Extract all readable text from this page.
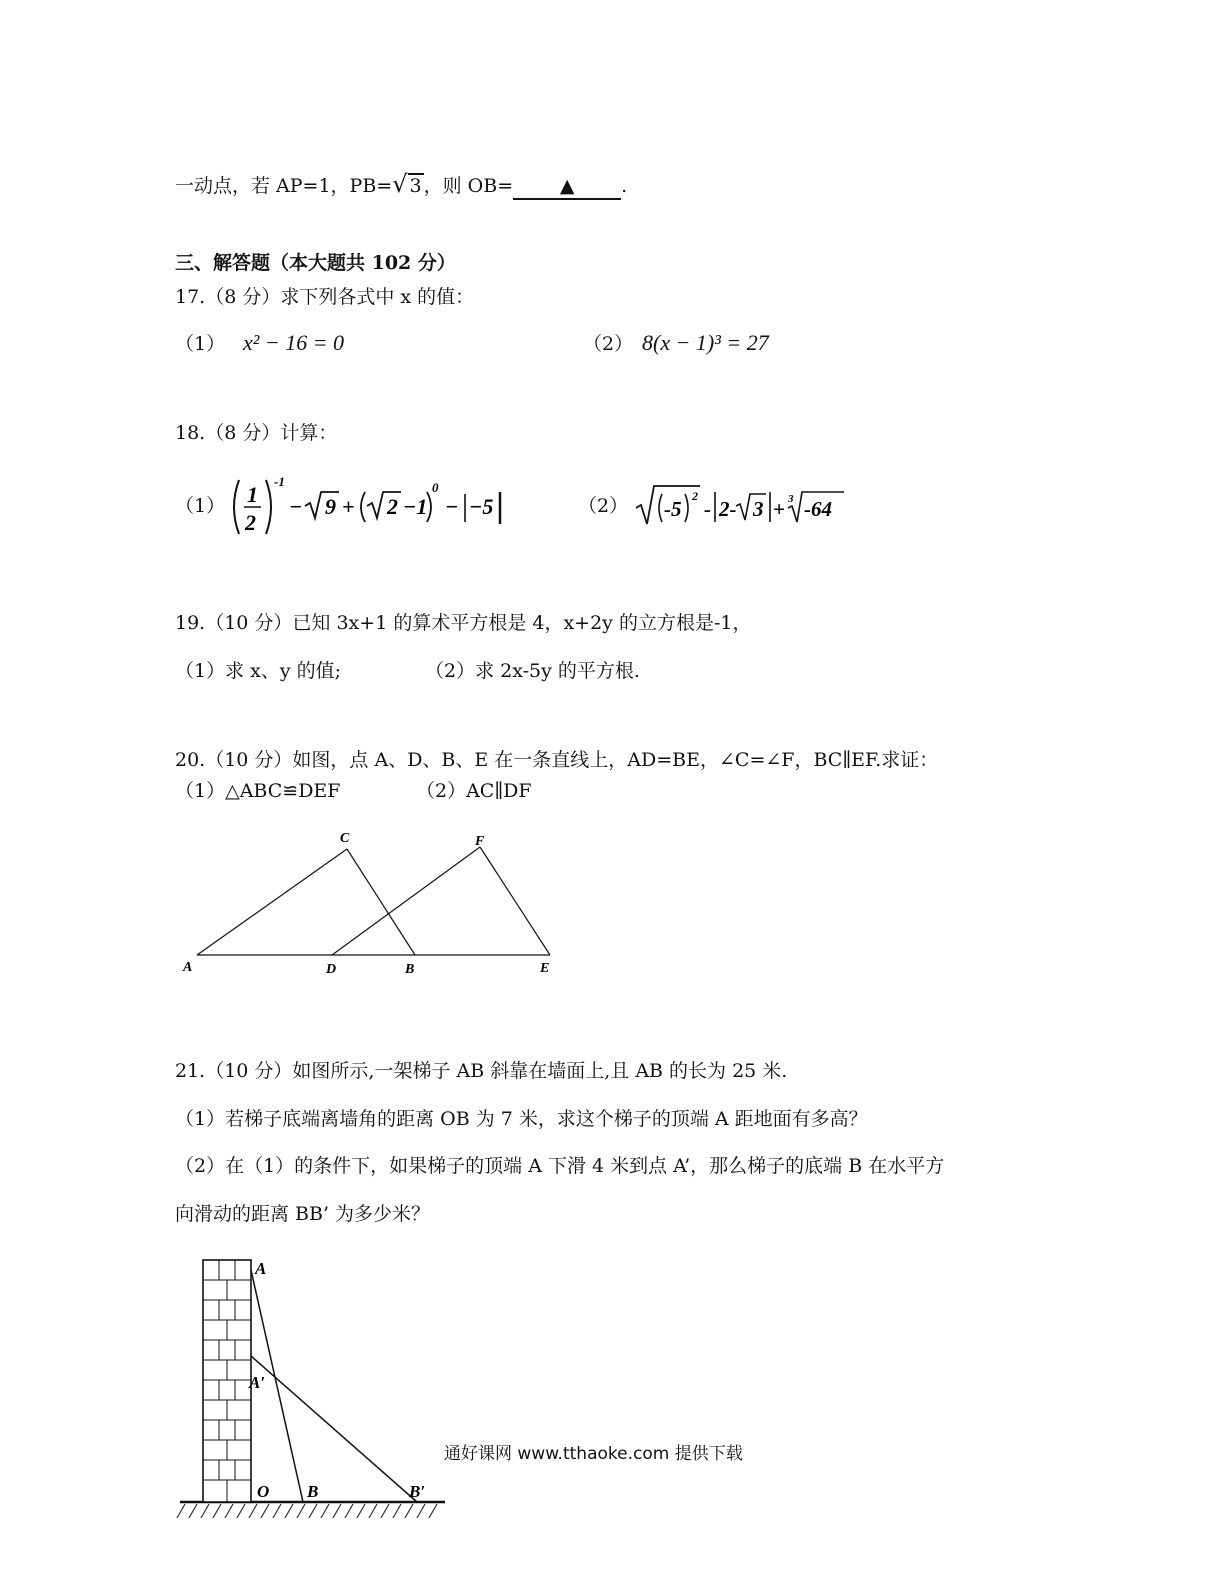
一动点，若 AP=1，PB=√ 3 ，则 OB= ▲ .
三、解答题（本大题共 102 分）
17.（8 分）求下列各式中 x 的值：
（1） x² − 16 = 0	（2） 8(x − 1)³ = 27
18.（8 分）计算：
（1） 1
2
-1
− 9 + 2 −1
0
− −5	（2） -5
2
- 2- 3 + 3 -64
19.（10 分）已知 3x+1 的算术平方根是 4，x+2y 的立方根是-1，
（1）求 x、y 的值;	（2）求 2x-5y 的平方根.
20.（10 分）如图，点 A、D、B、E 在一条直线上，AD=BE，∠C=∠F，BC∥EF.求证：
（1）△ABC≌DEF	（2）AC∥DF
A	D	B	E
C	F
21.（10 分）如图所示,一架梯子 AB 斜靠在墙面上,且 AB 的长为 25 米.
（1）若梯子底端离墙角的距离 OB 为 7 米，求这个梯子的顶端 A 距地面有多高？
（2）在（1）的条件下，如果梯子的顶端 A 下滑 4 米到点 A’，那么梯子的底端 B 在水平方
向滑动的距离 BB’ 为多少米？
A
A′
O B	B′
通好课网 www.tthaoke.com 提供下载
